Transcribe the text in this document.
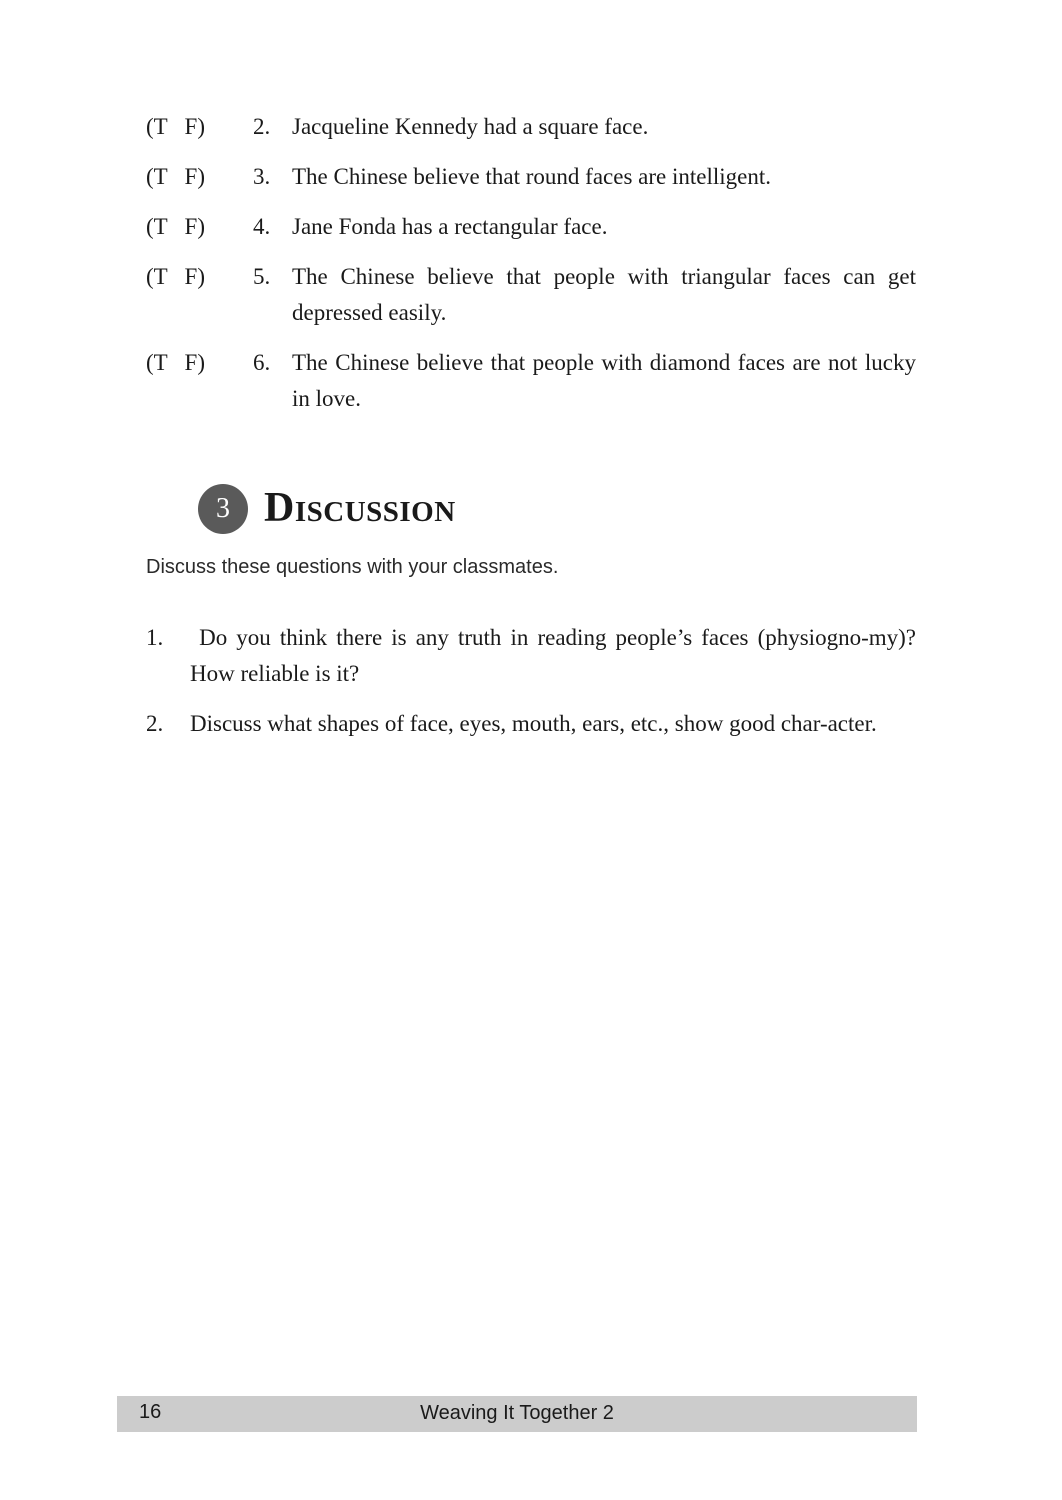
(T   F) 2. Jacqueline Kennedy had a square face.
(T   F) 3. The Chinese believe that round faces are intelligent.
(T   F) 4. Jane Fonda has a rectangular face.
(T   F) 5. The Chinese believe that people with triangular faces can get depressed easily.
(T   F) 6. The Chinese believe that people with diamond faces are not lucky in love.
3 Discussion
Discuss these questions with your classmates.
1. Do you think there is any truth in reading people’s faces (physiogno-my)? How reliable is it?
2. Discuss what shapes of face, eyes, mouth, ears, etc., show good char-acter.
Weaving It Together 2
16
